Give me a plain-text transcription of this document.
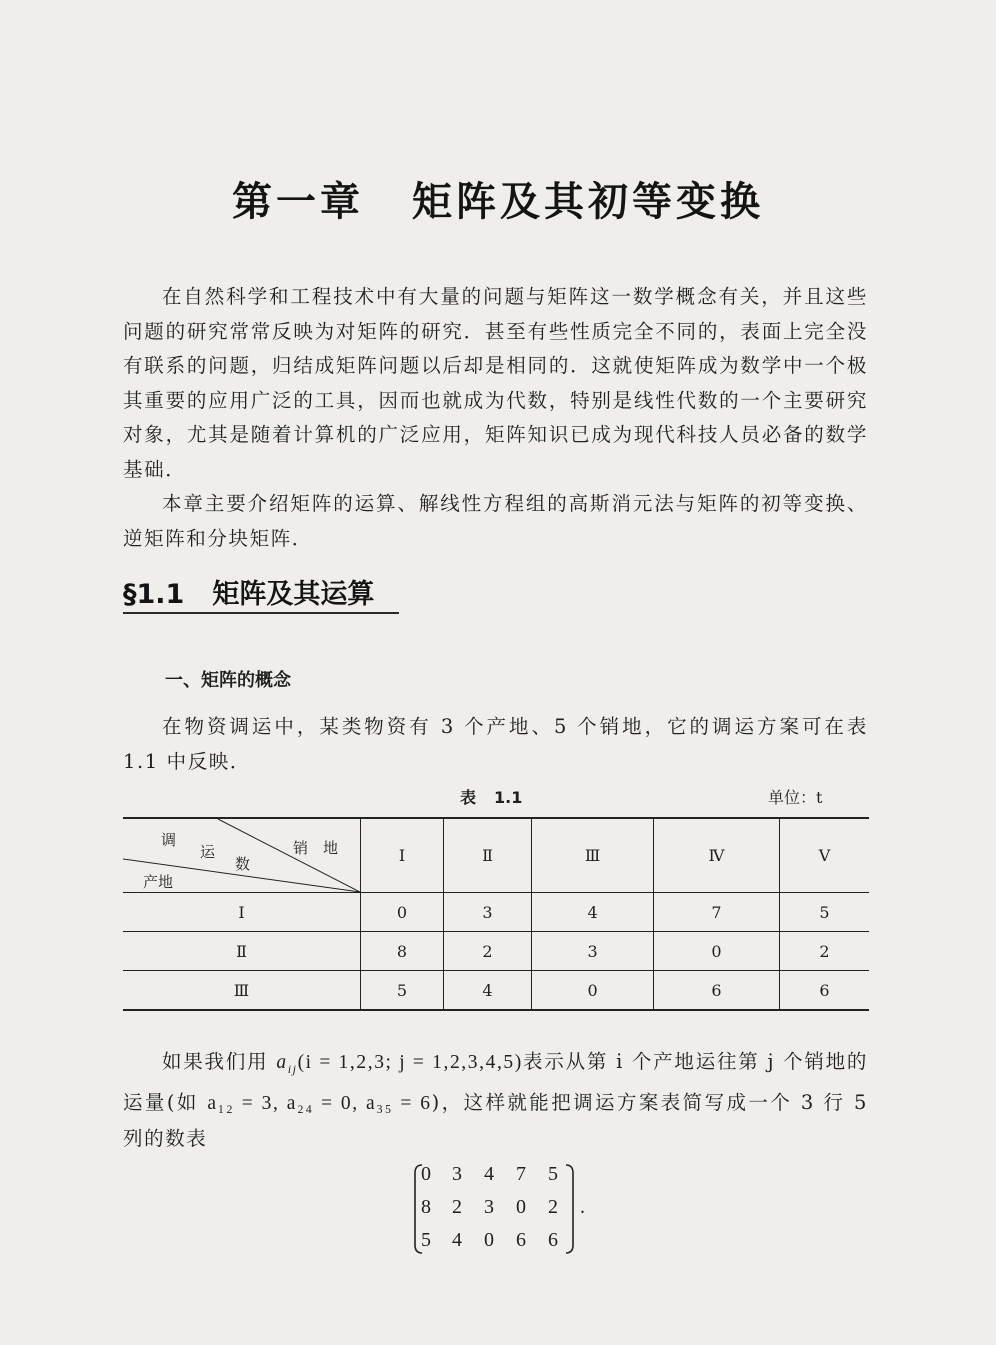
第一章 矩阵及其初等变换

在自然科学和工程技术中有大量的问题与矩阵这一数学概念有关，并且这些问题的研究常常反映为对矩阵的研究．甚至有些性质完全不同的，表面上完全没有联系的问题，归结成矩阵问题以后却是相同的．这就使矩阵成为数学中一个极其重要的应用广泛的工具，因而也就成为代数，特别是线性代数的一个主要研究对象，尤其是随着计算机的广泛应用，矩阵知识已成为现代科技人员必备的数学基础．

本章主要介绍矩阵的运算、解线性方程组的高斯消元法与矩阵的初等变换、逆矩阵和分块矩阵．

§1.1 矩阵及其运算
一、矩阵的概念

在物资调运中，某类物资有 3 个产地、5 个销地，它的调运方案可在表 1.1 中反映．

表 1.1	单位：t
调
运
数
销　地
产地	Ⅰ	Ⅱ	Ⅲ	Ⅳ	Ⅴ
Ⅰ	0	3	4	7	5
Ⅱ	8	2	3	0	2
Ⅲ	5	4	0	6	6

如果我们用 $a_{ij}(i = 1,2,3$; j = 1,2,3,4,5)表示从第 i 个产地运往第 j 个销地的运量(如 a₁₂ = 3, a₂₄ = 0, a₃₅ = 6)，这样就能把调运方案表简写成一个 3 行 5 列的数表

0 3 4 7 5
8 2 3 0 2
5 4 0 6 6
.
